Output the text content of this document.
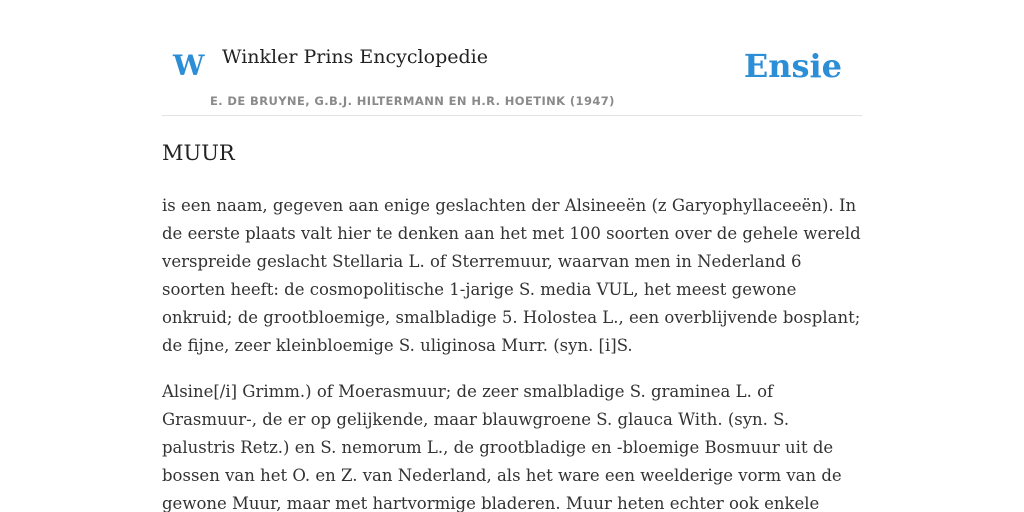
W Winkler Prins Encyclopedie
E. DE BRUYNE, G.B.J. HILTERMANN EN H.R. HOETINK (1947)
Ensie
MUUR

is een naam, gegeven aan enige geslachten der Alsineeën (z Garyophyllaceeën). In de eerste plaats valt hier te denken aan het met 100 soorten over de gehele wereld verspreide geslacht Stellaria L. of Sterremuur, waarvan men in Nederland 6 soorten heeft: de cosmopolitische 1-jarige S. media VUL, het meest gewone onkruid; de grootbloemige, smalbladige 5. Holostea L., een overblijvende bosplant; de fijne, zeer kleinbloemige S. uliginosa Murr. (syn. [i]S.

Alsine[/i] Grimm.) of Moerasmuur; de zeer smalbladige S. graminea L. of Grasmuur-, de er op gelijkende, maar blauwgroene S. glauca With. (syn. S. palustris Retz.) en S. nemorum L., de grootbladige en -bloemige Bosmuur uit de bossen van het O. en Z. van Nederland, als het ware een weelderige vorm van de gewone Muur, maar met hartvormige bladeren. Muur heten echter ook enkele
